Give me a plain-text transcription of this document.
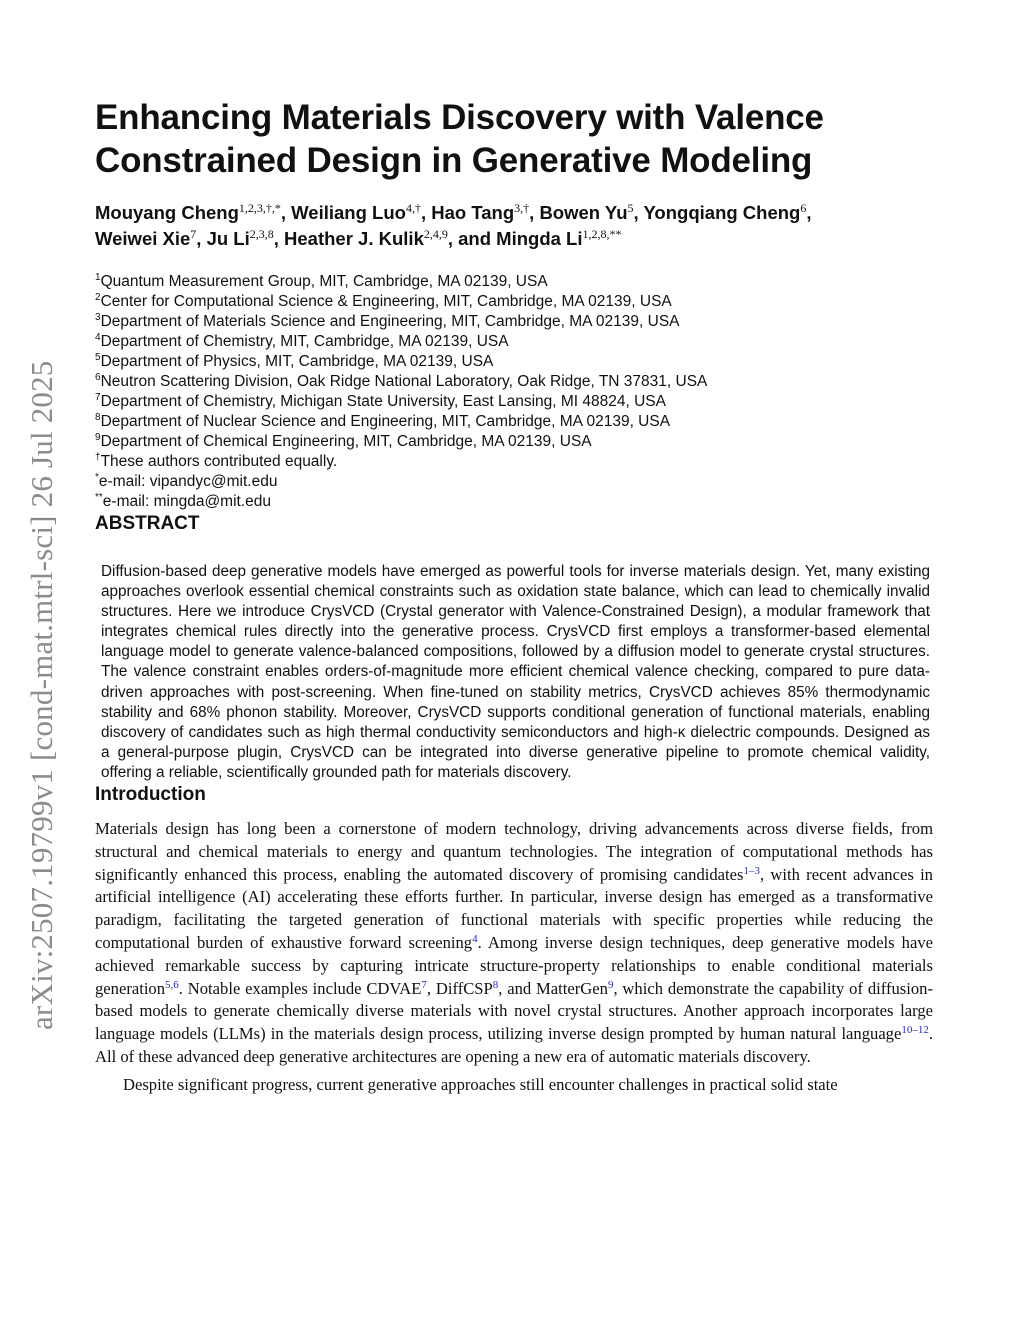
arXiv:2507.19799v1 [cond-mat.mtrl-sci] 26 Jul 2025
Enhancing Materials Discovery with Valence
Constrained Design in Generative Modeling
Mouyang Cheng$^{1,2,3,\dagger,*}$, Weiliang Luo$^{4,\dagger}$, Hao Tang$^{3,\dagger}$, Bowen Yu$^5$, Yongqiang Cheng$^6$,
Weiwei Xie$^7$, Ju Li$^{2,3,8}$, Heather J. Kulik$^{2,4,9}$, and Mingda $Li^{1,2,8,**}$
$^1$Quantum Measurement Group, MIT, Cambridge, MA 02139, USA
$^2$Center for Computational Science & Engineering, MIT, Cambridge, MA 02139, USA
$^3$Department of Materials Science and Engineering, MIT, Cambridge, MA 02139, USA
$^4$Department of Chemistry, MIT, Cambridge, MA 02139, USA
$^5$Department of Physics, MIT, Cambridge, MA 02139, USA
$^6$Neutron Scattering Division, Oak Ridge National Laboratory, Oak Ridge, TN 37831, USA
$^7$Department of Chemistry, Michigan State University, East Lansing, MI 48824, USA
$^8$Department of Nuclear Science and Engineering, MIT, Cambridge, MA 02139, USA
$^9$Department of Chemical Engineering, MIT, Cambridge, MA 02139, USA
†These authors contributed equally.
*e-mail: vipandyc@mit.edu
**e-mail: mingda@mit.edu
ABSTRACT
Diffusion-based deep generative models have emerged as powerful tools for inverse materials design. Yet, many existing approaches overlook essential chemical constraints such as oxidation state balance, which can lead to chemically invalid structures. Here we introduce CrysVCD (Crystal generator with Valence-Constrained Design), a modular framework that integrates chemical rules directly into the generative process. CrysVCD first employs a transformer-based elemental language model to generate valence-balanced compositions, followed by a diffusion model to generate crystal structures. The valence constraint enables orders-of-magnitude more efficient chemical valence checking, compared to pure data-driven approaches with post-screening. When fine-tuned on stability metrics, CrysVCD achieves 85% thermodynamic stability and 68% phonon stability. Moreover, CrysVCD supports conditional generation of functional materials, enabling discovery of candidates such as high thermal conductivity semiconductors and high-κ dielectric compounds. Designed as a general-purpose plugin, CrysVCD can be integrated into diverse generative pipeline to promote chemical validity, offering a reliable, scientifically grounded path for materials discovery.
Introduction

Materials design has long been a cornerstone of modern technology, driving advancements across diverse fields, from structural and chemical materials to energy and quantum technologies. The integration of computational methods has significantly enhanced this process, enabling the automated discovery of promising candidates$^{1-3}$, with recent advances in artificial intelligence (AI) accelerating these efforts further. In particular, inverse design has emerged as a transformative paradigm, facilitating the targeted generation of functional materials with specific properties while reducing the computational burden of exhaustive forward screening$^4$. Among inverse design techniques, deep generative models have achieved remarkable success by capturing intricate structure-property relationships to enable conditional materials generation$^{5,6}$. Notable examples include CDVAE$^7$, DiffCSP$^8$, and MatterGen$^9$, which demonstrate the capability of diffusion-based models to generate chemically diverse materials with novel crystal structures. Another approach incorporates large language models (LLMs) in the materials design process, utilizing inverse design prompted by human natural language$^{10-12}$. All of these advanced deep generative architectures are opening a new era of automatic materials discovery.

Despite significant progress, current generative approaches still encounter challenges in practical solid state
